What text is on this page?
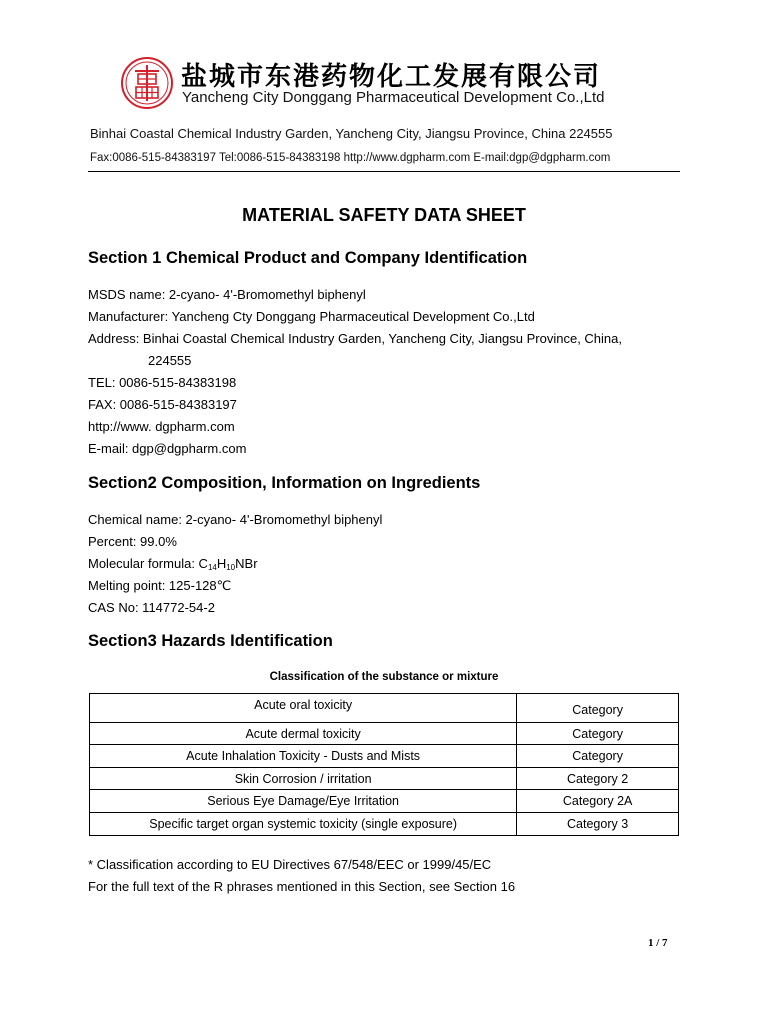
盐城市东港药物化工发展有限公司
Yancheng City Donggang Pharmaceutical Development Co.,Ltd
Binhai Coastal Chemical Industry Garden, Yancheng City, Jiangsu Province, China 224555
Fax:0086-515-84383197 Tel:0086-515-84383198 http://www.dgpharm.com E-mail:dgp@dgpharm.com
MATERIAL SAFETY DATA SHEET
Section 1 Chemical Product and Company Identification
MSDS name: 2-cyano- 4'-Bromomethyl biphenyl
Manufacturer: Yancheng Cty Donggang Pharmaceutical Development Co.,Ltd
Address: Binhai Coastal Chemical Industry Garden, Yancheng City, Jiangsu Province, China,
224555
TEL: 0086-515-84383198
FAX: 0086-515-84383197
http://www. dgpharm.com
E-mail: dgp@dgpharm.com
Section2 Composition, Information on Ingredients
Chemical name: 2-cyano- 4'-Bromomethyl biphenyl
Percent: 99.0%
Molecular formula: $C_{14}H_{10}NBr$
Melting point: 125-128℃
CAS No: 114772-54-2
Section3 Hazards Identification
Classification of the substance or mixture
Acute oral toxicity	Category
Acute dermal toxicity	Category
Acute Inhalation Toxicity - Dusts and Mists	Category
Skin Corrosion / irritation	Category 2
Serious Eye Damage/Eye Irritation	Category 2A
Specific target organ systemic toxicity (single exposure)	Category 3
* Classification according to EU Directives 67/548/EEC or 1999/45/EC
For the full text of the R phrases mentioned in this Section, see Section 16
1 / 7
